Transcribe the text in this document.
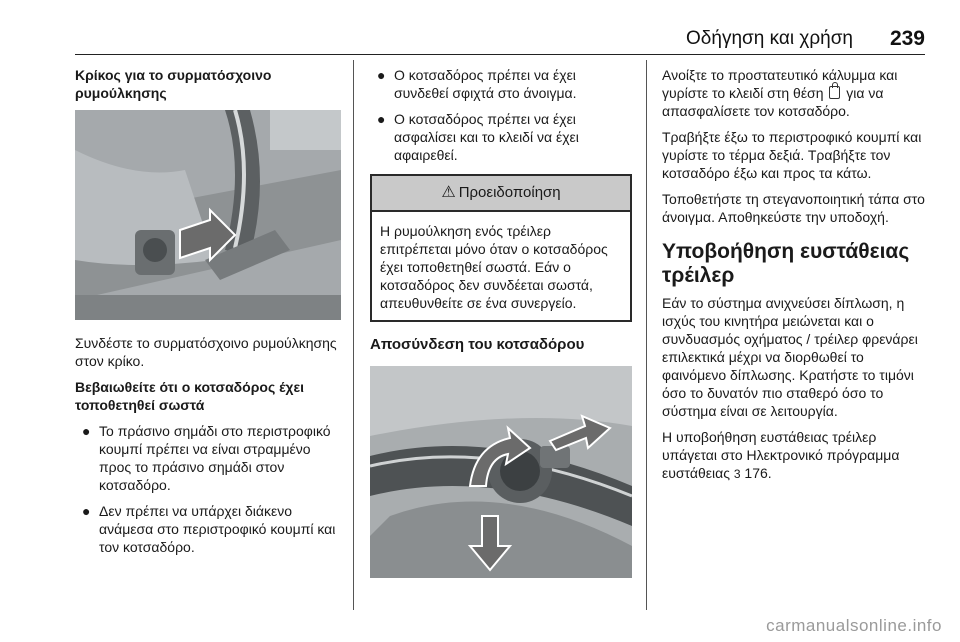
Οδήγηση και χρήση 239
Κρίκος για το συρματόσχοινο ρυμούλκησης

Συνδέστε το συρματόσχοινο ρυμούλκησης στον κρίκο.

Βεβαιωθείτε ότι ο κοτσαδόρος έχει τοποθετηθεί σωστά
● Το πράσινο σημάδι στο περιστροφικό κουμπί πρέπει να είναι στραμμένο προς το πράσινο σημάδι στον κοτσαδόρο.
● Δεν πρέπει να υπάρχει διάκενο ανάμεσα στο περιστροφικό κουμπί και τον κοτσαδόρο.
● Ο κοτσαδόρος πρέπει να έχει συνδεθεί σφιχτά στο άνοιγμα.
● Ο κοτσαδόρος πρέπει να έχει ασφαλίσει και το κλειδί να έχει αφαιρεθεί.
⚠ Προειδοποίηση
Η ρυμούλκηση ενός τρέιλερ επιτρέπεται μόνο όταν ο κοτσαδόρος έχει τοποθετηθεί σωστά. Εάν ο κοτσαδόρος δεν συνδέεται σωστά, απευθυνθείτε σε ένα συνεργείο.
Αποσύνδεση του κοτσαδόρου

Ανοίξτε το προστατευτικό κάλυμμα και γυρίστε το κλειδί στη θέση για να απασφαλίσετε τον κοτσαδόρο.

Τραβήξτε έξω το περιστροφικό κουμπί και γυρίστε το τέρμα δεξιά. Τραβήξτε τον κοτσαδόρο έξω και προς τα κάτω.

Τοποθετήστε τη στεγανοποιητική τάπα στο άνοιγμα. Αποθηκεύστε την υποδοχή.

Υποβοήθηση ευστάθειας τρέιλερ

Εάν το σύστημα ανιχνεύσει δίπλωση, η ισχύς του κινητήρα μειώνεται και ο συνδυασμός οχήματος / τρέιλερ φρενάρει επιλεκτικά μέχρι να διορθωθεί το φαινόμενο δίπλωσης. Κρατήστε το τιμόνι όσο το δυνατόν πιο σταθερό όσο το σύστημα είναι σε λειτουργία.

Η υποβοήθηση ευστάθειας τρέιλερ υπάγεται στο Ηλεκτρονικό πρόγραμμα ευστάθειας 3 176.

carmanualsonline.info
